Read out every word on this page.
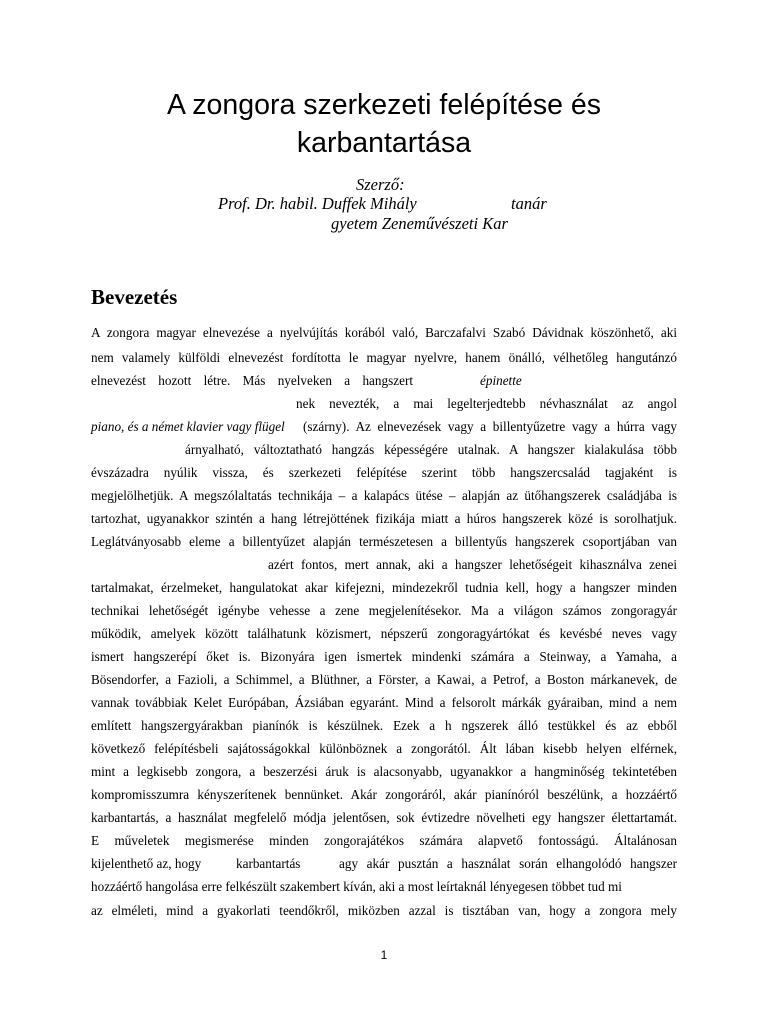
A zongora szerkezeti felépítése és
karbantartása
Szerző:
Prof. Dr. habil. Duffek Mihály	tanár
gyetem Zeneművészeti Kar
Bevezetés
A zongora magyar elnevezése a nyelvújítás korából való, Barczafalvi Szabó Dávidnak köszönhető, aki
nem valamely külföldi elnevezést fordította le magyar nyelvre, hanem önálló, vélhetőleg hangutánzó
elnevezést hozott létre. Más nyelveken a hangszert	épinette
nek nevezték, a mai legelterjedtebb névhasználat az angol
piano, és a német klavier vagy flügel (szárny). Az elnevezések vagy a billentyűzetre vagy a húrra vagy
árnyalható, változtatható hangzás képességére utalnak. A hangszer kialakulása több
évszázadra nyúlik vissza, és szerkezeti felépítése szerint több hangszercsalád tagjaként is
megjelölhetjük. A megszólaltatás technikája – a kalapács ütése – alapján az ütőhangszerek családjába is
tartozhat, ugyanakkor szintén a hang létrejöttének fizikája miatt a húros hangszerek közé is sorolhatjuk.
Leglátványosabb eleme a billentyűzet alapján természetesen a billentyűs hangszerek csoportjában van
azért fontos, mert annak, aki a hangszer lehetőségeit kihasználva zenei
tartalmakat, érzelmeket, hangulatokat akar kifejezni, mindezekről tudnia kell, hogy a hangszer minden
technikai lehetőségét igénybe vehesse a zene megjelenítésekor. Ma a világon számos zongoragyár
működik, amelyek között találhatunk közismert, népszerű zongoragyártókat és kevésbé neves vagy
ismert hangszerépí őket is. Bizonyára igen ismertek mindenki számára a Steinway, a Yamaha, a
Bösendorfer, a Fazioli, a Schimmel, a Blüthner, a Förster, a Kawai, a Petrof, a Boston márkanevek, de
vannak továbbiak Kelet Európában, Ázsiában egyaránt. Mind a felsorolt márkák gyáraiban, mind a nem
említett hangszergyárakban pianínók is készülnek. Ezek a h ngszerek álló testükkel és az ebből
következő felépítésbeli sajátosságokkal különböznek a zongorától. Ált lában kisebb helyen elférnek,
mint a legkisebb zongora, a beszerzési áruk is alacsonyabb, ugyanakkor a hangminőség tekintetében
kompromisszumra kényszerítenek bennünket. Akár zongoráról, akár pianínóról beszélünk, a hozzáértő
karbantartás, a használat megfelelő módja jelentősen, sok évtizedre növelheti egy hangszer élettartamát.
E műveletek megismerése minden zongorajátékos számára alapvető fontosságú. Általánosan
kijelenthető az, hogy	karbantartás	agy akár pusztán a használat során elhangolódó hangszer
hozzáértő hangolása erre felkészült szakembert kíván, aki a most leírtaknál lényegesen többet tud mi
az elméleti, mind a gyakorlati teendőkről, miközben azzal is tisztában van, hogy a zongora mely
1
